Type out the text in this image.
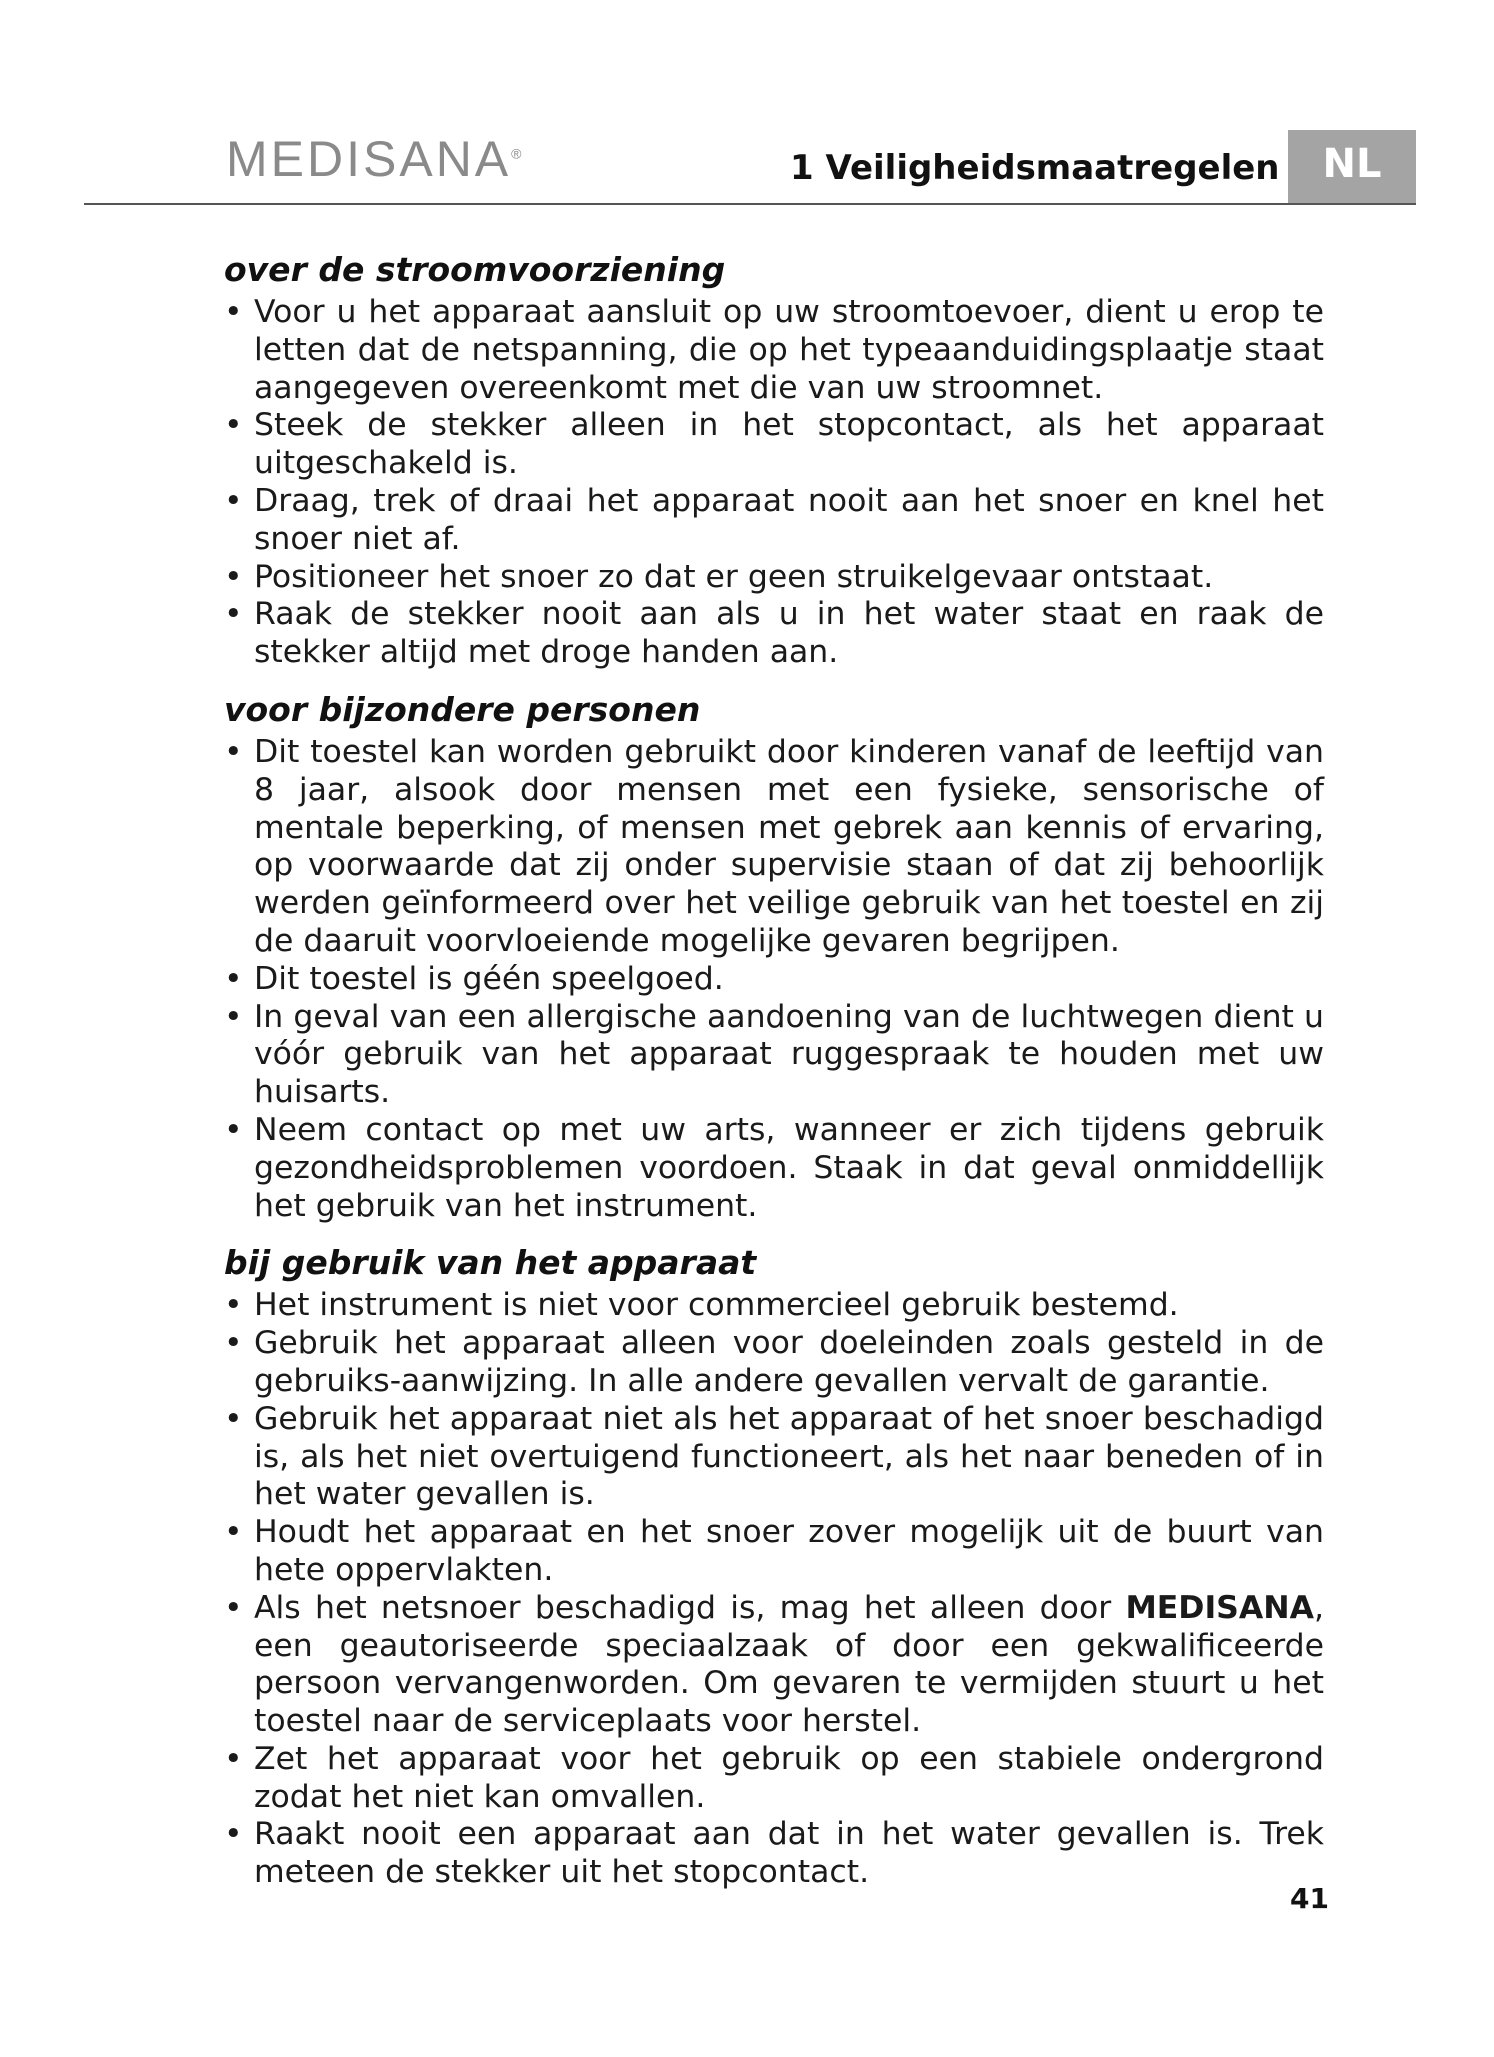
MEDISANA®	1 Veiligheidsmaatregelen	NL
over de stroomvoorziening
• Voor u het apparaat aansluit op uw stroomtoevoer, dient u erop te letten dat de netspanning, die op het typeaanduidingsplaatje staat aangegeven overeenkomt met die van uw stroomnet.
• Steek de stekker alleen in het stopcontact, als het apparaat uitgeschakeld is.
• Draag, trek of draai het apparaat nooit aan het snoer en knel het snoer niet af.
• Positioneer het snoer zo dat er geen struikelgevaar ontstaat.
• Raak de stekker nooit aan als u in het water staat en raak de stekker altijd met droge handen aan.
voor bijzondere personen
• Dit toestel kan worden gebruikt door kinderen vanaf de leeftijd van 8 jaar, alsook door mensen met een fysieke, sensorische of mentale beperking, of mensen met gebrek aan kennis of ervaring, op voorwaarde dat zij onder supervisie staan of dat zij behoorlijk werden geïnformeerd over het veilige gebruik van het toestel en zij de daaruit voorvloeiende mogelijke gevaren begrijpen.
• Dit toestel is géén speelgoed.
• In geval van een allergische aandoening van de luchtwegen dient u vóór gebruik van het apparaat ruggespraak te houden met uw huisarts.
• Neem contact op met uw arts, wanneer er zich tijdens gebruik gezondheidsproblemen voordoen. Staak in dat geval onmiddellijk het gebruik van het instrument.
bij gebruik van het apparaat
• Het instrument is niet voor commercieel gebruik bestemd.
• Gebruik het apparaat alleen voor doeleinden zoals gesteld in de gebruiks-aanwijzing. In alle andere gevallen vervalt de garantie.
• Gebruik het apparaat niet als het apparaat of het snoer beschadigd is, als het niet overtuigend functioneert, als het naar beneden of in het water gevallen is.
• Houdt het apparaat en het snoer zover mogelijk uit de buurt van hete oppervlakten.
• Als het netsnoer beschadigd is, mag het alleen door MEDISANA, een geautoriseerde speciaalzaak of door een gekwalificeerde persoon vervangenworden. Om gevaren te vermijden stuurt u het toestel naar de serviceplaats voor herstel.
• Zet het apparaat voor het gebruik op een stabiele ondergrond zodat het niet kan omvallen.
• Raakt nooit een apparaat aan dat in het water gevallen is. Trek meteen de stekker uit het stopcontact.
41
